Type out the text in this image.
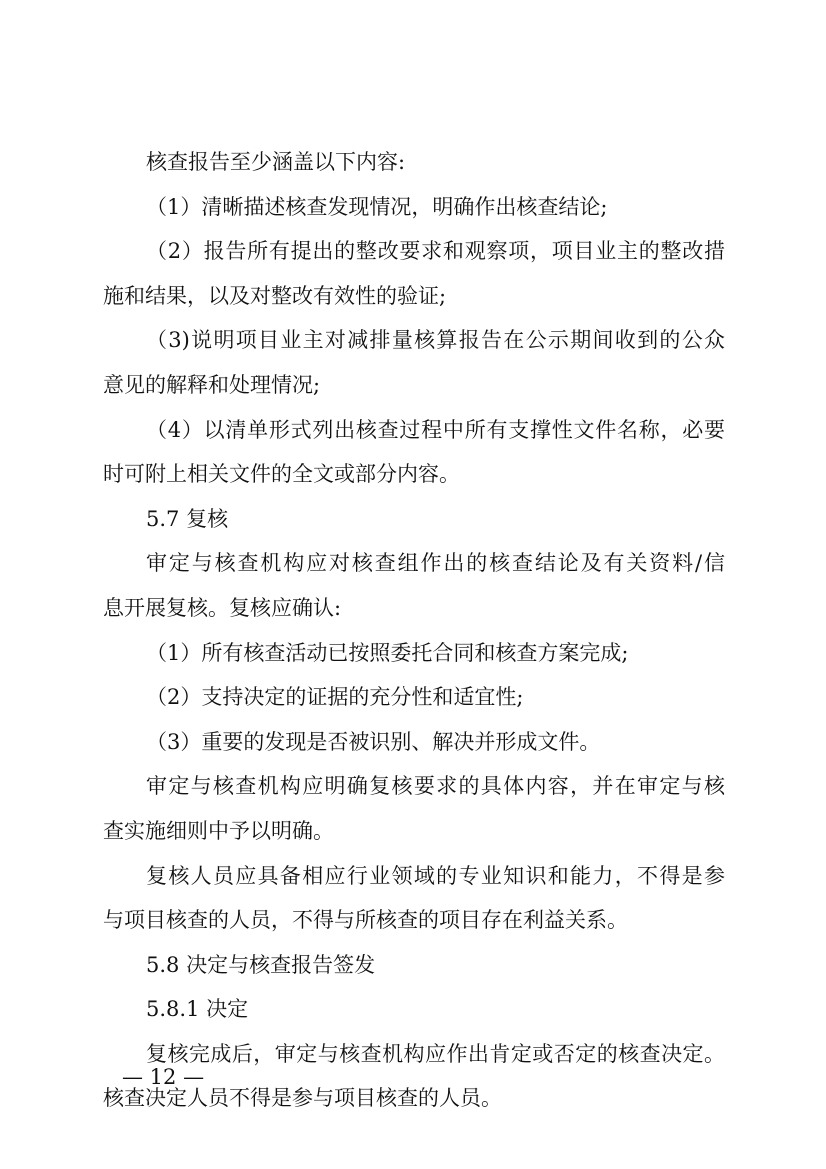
核查报告至少涵盖以下内容:
（1）清晰描述核查发现情况，明确作出核查结论;
（2）报告所有提出的整改要求和观察项，项目业主的整改措
施和结果，以及对整改有效性的验证;
（3)说明项目业主对减排量核算报告在公示期间收到的公众
意见的解释和处理情况;
（4）以清单形式列出核查过程中所有支撑性文件名称，必要
时可附上相关文件的全文或部分内容。
5.7 复核
审定与核查机构应对核查组作出的核查结论及有关资料/信
息开展复核。复核应确认:
（1）所有核查活动已按照委托合同和核查方案完成;
（2）支持决定的证据的充分性和适宜性;
（3）重要的发现是否被识别、解决并形成文件。
审定与核查机构应明确复核要求的具体内容，并在审定与核
查实施细则中予以明确。
复核人员应具备相应行业领域的专业知识和能力，不得是参
与项目核查的人员，不得与所核查的项目存在利益关系。
5.8 决定与核查报告签发
5.8.1 决定
复核完成后，审定与核查机构应作出肯定或否定的核查决定。
核查决定人员不得是参与项目核查的人员。
— 12 —
